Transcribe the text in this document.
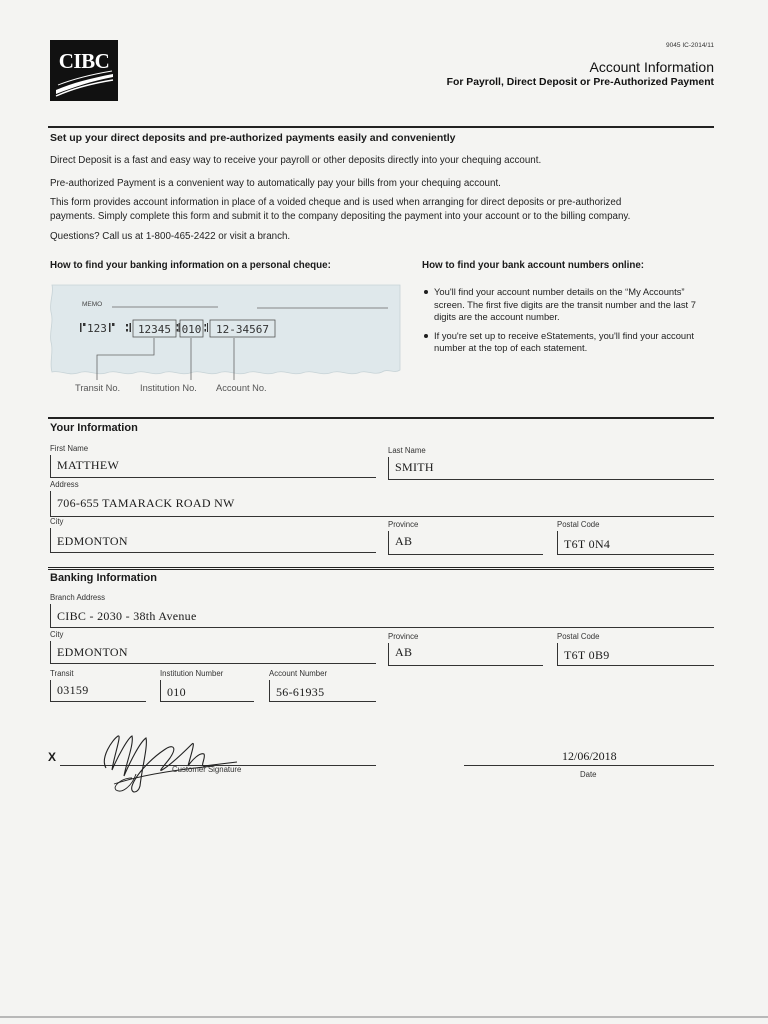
CIBC
9045 IC-2014/11
Account Information
For Payroll, Direct Deposit or Pre-Authorized Payment
Set up your direct deposits and pre-authorized payments easily and conveniently
Direct Deposit is a fast and easy way to receive your payroll or other deposits directly into your chequing account.
Pre-authorized Payment is a convenient way to automatically pay your bills from your chequing account.
This form provides account information in place of a voided cheque and is used when arranging for direct deposits or pre-authorized
payments. Simply complete this form and submit it to the company depositing the payment into your account or to the billing company.
Questions? Call us at 1-800-465-2422 or visit a branch.
How to find your banking information on a personal cheque:	How to find your bank account numbers online:
MEMO
123	12345 010 12-34567
Transit No. Institution No. Account No.
You'll find your account number details on the “My Accounts” screen. The first five digits are the transit number and the last 7 digits are the account number.
If you're set up to receive eStatements, you'll find your account number at the top of each statement.
Your Information
First Name
MATTHEW
Last Name
SMITH
Address
706-655 TAMARACK ROAD NW
City
EDMONTON
Province
AB
Postal Code
T6T 0N4
Banking Information
Branch Address
CIBC - 2030 - 38th Avenue
City
EDMONTON
Province
AB
Postal Code
T6T 0B9
Transit
03159
Institution Number
010
Account Number
56-61935
X
Customer Signature
12/06/2018
Date
